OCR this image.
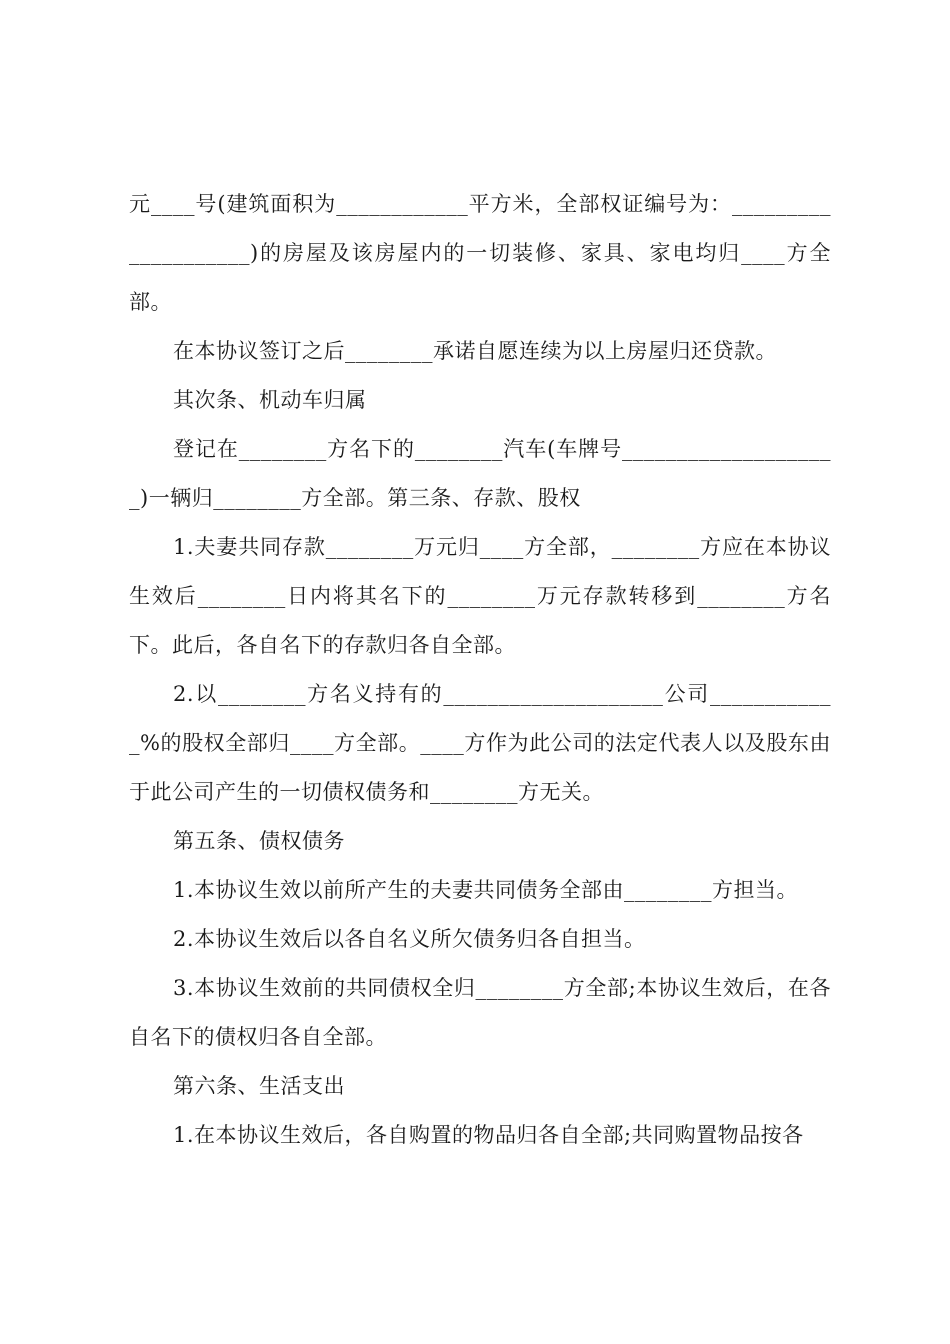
元____号(建筑面积为____________平方米，全部权证编号为：____________________)的房屋及该房屋内的一切装修、家具、家电均归____方全部。

在本协议签订之后________承诺自愿连续为以上房屋归还贷款。

其次条、机动车归属

登记在________方名下的________汽车(车牌号____________________)一辆归________方全部。第三条、存款、股权

1.夫妻共同存款________万元归____方全部，________方应在本协议生效后________日内将其名下的________万元存款转移到________方名下。此后，各自名下的存款归各自全部。

2.以________方名义持有的____________________公司____________%的股权全部归____方全部。____方作为此公司的法定代表人以及股东由于此公司产生的一切债权债务和________方无关。

第五条、债权债务

1.本协议生效以前所产生的夫妻共同债务全部由________方担当。

2.本协议生效后以各自名义所欠债务归各自担当。

3.本协议生效前的共同债权全归________方全部;本协议生效后，在各自名下的债权归各自全部。

第六条、生活支出

1.在本协议生效后，各自购置的物品归各自全部;共同购置物品按各
